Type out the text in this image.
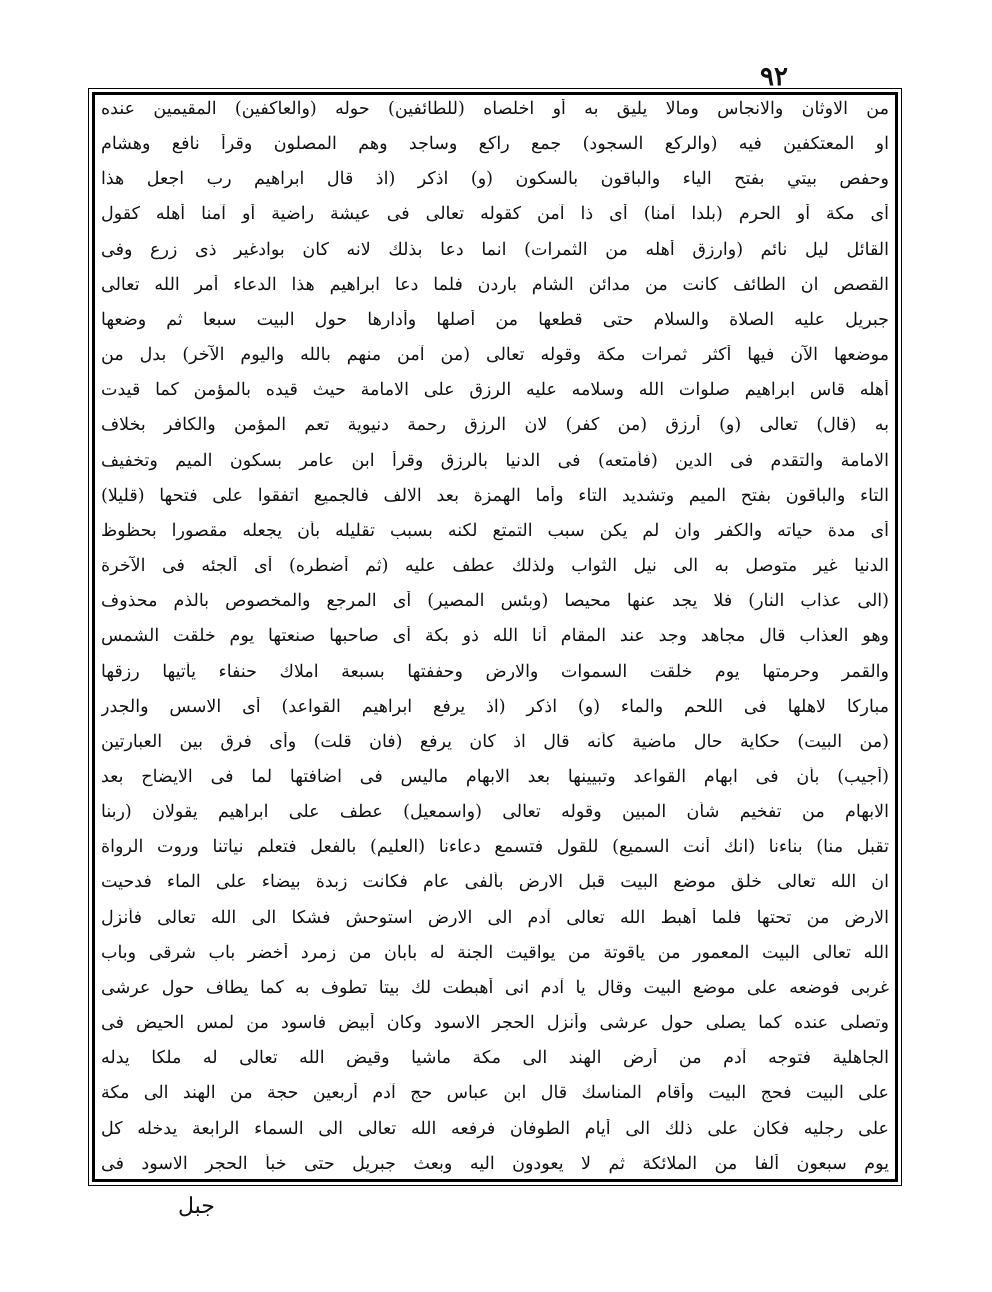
٩٢
من الاوثان والانجاس ومالا يليق به أو اخلصاه (للطائفين) حوله (والعاكفين) المقيمين عنده
او المعتكفين فيه (والركع السجود) جمع راكع وساجد وهم المصلون وقرأ نافع وهشام
وحفص بيتي بفتح الياء والباقون بالسكون (و) اذكر (اذ قال ابراهيم رب اجعل هذا
أى مكة أو الحرم (بلدا آمنا) أى ذا آمن كقوله تعالى فى عيشة راضية أو آمنا أهله كقول
القائل ليل نائم (وارزق أهله من الثمرات) انما دعا بذلك لانه كان بوادغير ذى زرع وفى
القصص ان الطائف كانت من مدائن الشام باردن فلما دعا ابراهيم هذا الدعاء أمر الله تعالى
جبريل عليه الصلاة والسلام حتى قطعها من أصلها وأدارها حول البيت سبعا ثم وضعها
موضعها الآن فيها أكثر ثمرات مكة وقوله تعالى (من آمن منهم بالله واليوم الآخر) بدل من
أهله قاس ابراهيم صلوات الله وسلامه عليه الرزق على الامامة حيث قيده بالمؤمن كما قيدت
به (قال) تعالى (و) أرزق (من كفر) لان الرزق رحمة دنيوية تعم المؤمن والكافر بخلاف
الامامة والتقدم فى الدين (فأمتعه) فى الدنيا بالرزق وقرأ ابن عامر بسكون الميم وتخفيف
التاء والباقون بفتح الميم وتشديد التاء وأما الهمزة بعد الالف فالجميع اتفقوا على فتحها (قليلا)
أى مدة حياته والكفر وان لم يكن سبب التمتع لكنه بسبب تقليله بأن يجعله مقصورا بحظوظ
الدنيا غير متوصل به الى نيل الثواب ولذلك عطف عليه (ثم أضطره) أى ألجئه فى الآخرة
(الى عذاب النار) فلا يجد عنها محيصا (وبئس المصير) أى المرجع والمخصوص بالذم محذوف
وهو العذاب قال مجاهد وجد عند المقام أنا الله ذو بكة أى صاحبها صنعتها يوم خلقت الشمس
والقمر وحرمتها يوم خلقت السموات والارض وحففتها بسبعة املاك حنفاء يأتيها رزقها
مباركا لاهلها فى اللحم والماء (و) اذكر (اذ يرفع ابراهيم القواعد) أى الاسس والجدر
(من البيت) حكاية حال ماضية كأنه قال اذ كان يرفع (فان قلت) وأى فرق بين العبارتين
(أجيب) بأن فى ابهام القواعد وتبيينها بعد الابهام ماليس فى اضافتها لما فى الايضاح بعد
الابهام من تفخيم شأن المبين وقوله تعالى (واسمعيل) عطف على ابراهيم يقولان (ربنا
تقبل منا) بناءنا (انك أنت السميع) للقول فتسمع دعاءنا (العليم) بالفعل فتعلم نياتنا وروت الرواة
ان الله تعالى خلق موضع البيت قبل الارض بألفى عام فكانت زبدة بيضاء على الماء فدحيت
الارض من تحتها فلما أهبط الله تعالى آدم الى الارض استوحش فشكا الى الله تعالى فأنزل
الله تعالى البيت المعمور من ياقوتة من يواقيت الجنة له بابان من زمرد أخضر باب شرقى وباب
غربى فوضعه على موضع البيت وقال يا آدم انى أهبطت لك بيتا تطوف به كما يطاف حول عرشى
وتصلى عنده كما يصلى حول عرشى وأنزل الحجر الاسود وكان أبيض فاسود من لمس الحيض فى
الجاهلية فتوجه آدم من أرض الهند الى مكة ماشيا وقيض الله تعالى له ملكا يدله
على البيت فحج البيت وأقام المناسك قال ابن عباس حج آدم أربعين حجة من الهند الى مكة
على رجليه فكان على ذلك الى أيام الطوفان فرفعه الله تعالى الى السماء الرابعة يدخله كل
يوم سبعون ألفا من الملائكة ثم لا يعودون اليه وبعث جبريل حتى خبأ الحجر الاسود فى
جبل
